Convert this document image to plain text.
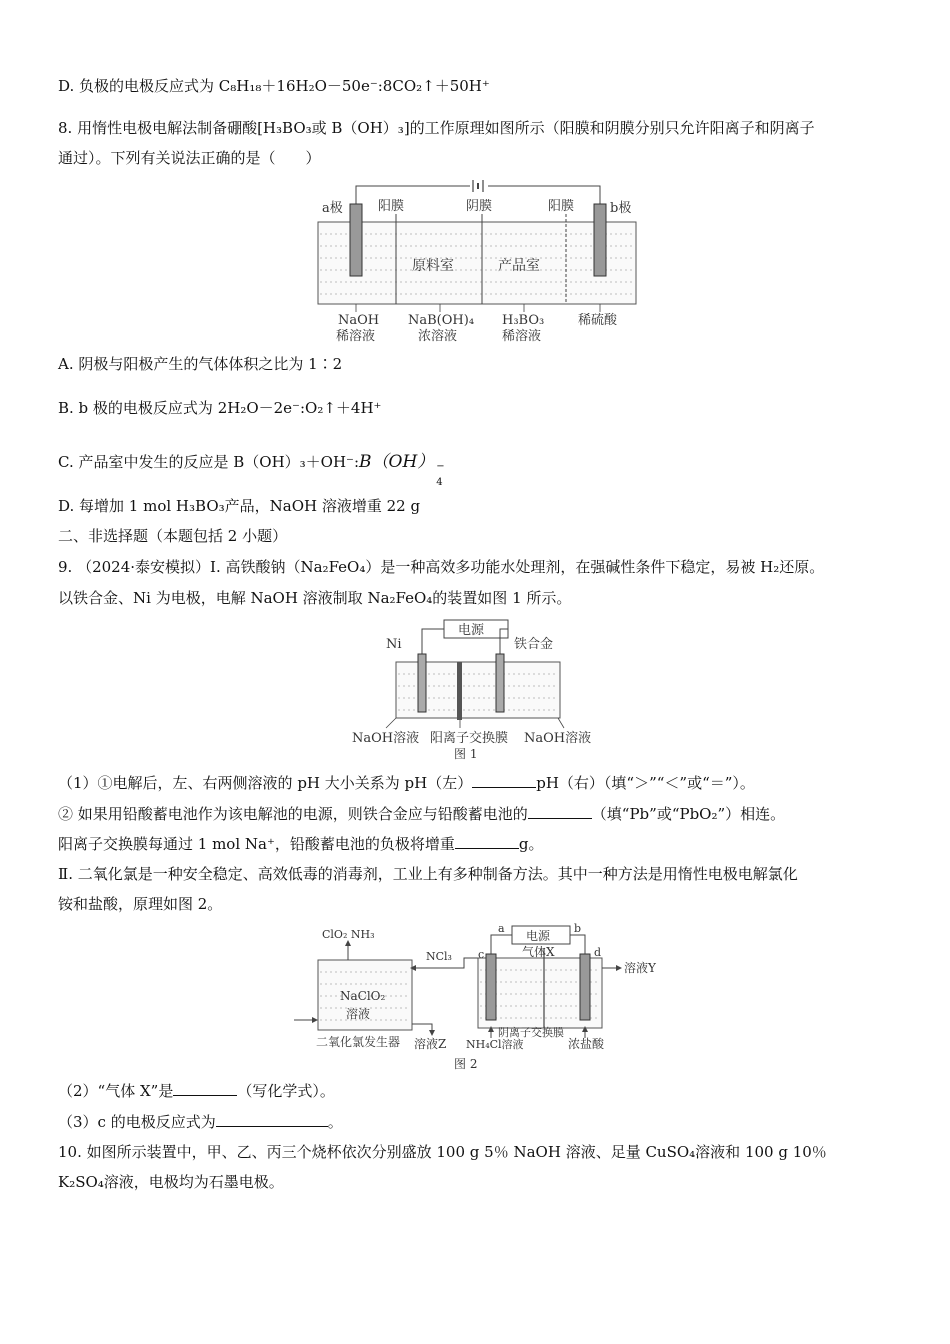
D. 负极的电极反应式为 C₈H₁₈＋16H₂O－50e⁻:8CO₂↑＋50H⁺
8. 用惰性电极电解法制备硼酸[H₃BO₃或 B（OH）₃]的工作原理如图所示（阳膜和阴膜分别只允许阳离子和阴离子
通过）。下列有关说法正确的是（　　）
a极	b极
阳膜	阴膜	阳膜
原料室	产品室
NaOH
稀溶液
NaB(OH)₄
浓溶液
H₃BO₃
稀溶液
稀硫酸
A. 阴极与阳极产生的气体体积之比为 1∶2
B. b 极的电极反应式为 2H₂O－2e⁻:O₂↑＋4H⁺
C. 产品室中发生的反应是 B（OH）₃＋OH⁻:B（OH） −
4
D. 每增加 1 mol H₃BO₃产品，NaOH 溶液增重 22 g
二、非选择题（本题包括 2 小题）
9. （2024·泰安模拟）Ⅰ. 高铁酸钠（Na₂FeO₄）是一种高效多功能水处理剂，在强碱性条件下稳定，易被 H₂还原。
以铁合金、Ni 为电极，电解 NaOH 溶液制取 Na₂FeO₄的装置如图 1 所示。
电源
Ni	铁合金
NaOH溶液 阳离子交换膜 NaOH溶液
图 1
（1）①电解后，左、右两侧溶液的 pH 大小关系为 pH（左）	pH（右）（填“＞”“＜”或“＝”）。
② 如果用铅酸蓄电池作为该电解池的电源，则铁合金应与铅酸蓄电池的	（填“Pb”或“PbO₂”）相连。
阳离子交换膜每通过 1 mol Na⁺，铅酸蓄电池的负极将增重	g。
Ⅱ. 二氧化氯是一种安全稳定、高效低毒的消毒剂，工业上有多种制备方法。其中一种方法是用惰性电极电解氯化
铵和盐酸，原理如图 2。
ClO₂ NH₃
NCl₃
NaClO₂
溶液
二氧化氯发生器 溶液Z
a	b
电源
气体X
c	d
溶液Y
NH₄Cl溶液
阴离子交换膜
浓盐酸
图 2
（2）“气体 X”是	（写化学式）。
（3）c 的电极反应式为	。
10. 如图所示装置中，甲、乙、丙三个烧杯依次分别盛放 100 g 5％ NaOH 溶液、足量 CuSO₄溶液和 100 g 10％
K₂SO₄溶液，电极均为石墨电极。
